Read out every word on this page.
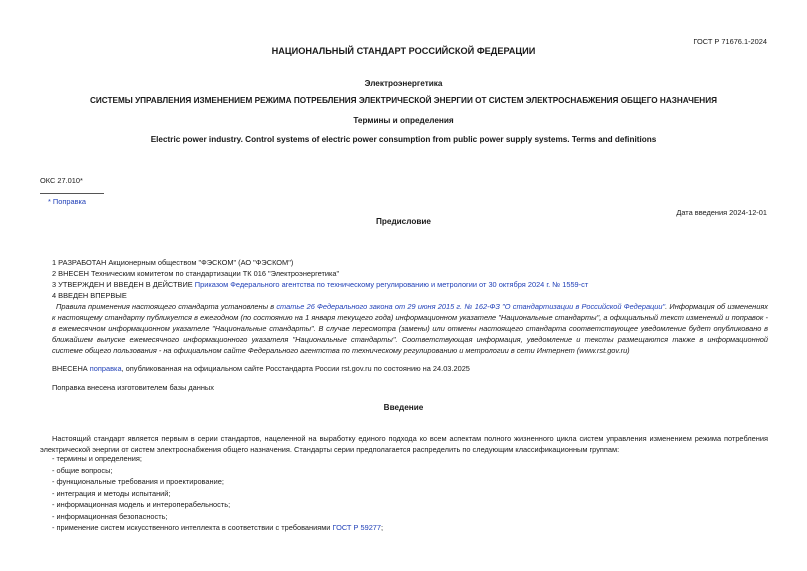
ГОСТ Р 71676.1-2024
НАЦИОНАЛЬНЫЙ СТАНДАРТ РОССИЙСКОЙ ФЕДЕРАЦИИ
Электроэнергетика
СИСТЕМЫ УПРАВЛЕНИЯ ИЗМЕНЕНИЕМ РЕЖИМА ПОТРЕБЛЕНИЯ ЭЛЕКТРИЧЕСКОЙ ЭНЕРГИИ ОТ СИСТЕМ ЭЛЕКТРОСНАБЖЕНИЯ ОБЩЕГО НАЗНАЧЕНИЯ
Термины и определения
Electric power industry. Control systems of electric power consumption from public power supply systems. Terms and definitions
ОКС 27.010*
* Поправка
Дата введения 2024-12-01
Предисловие
1 РАЗРАБОТАН Акционерным обществом "ФЭСКОМ" (АО "ФЭСКОМ")
2 ВНЕСЕН Техническим комитетом по стандартизации ТК 016 "Электроэнергетика"
3 УТВЕРЖДЕН И ВВЕДЕН В ДЕЙСТВИЕ Приказом Федерального агентства по техническому регулированию и метрологии от 30 октября 2024 г. № 1559-ст
4 ВВЕДЕН ВПЕРВЫЕ
Правила применения настоящего стандарта установлены в статье 26 Федерального закона от 29 июня 2015 г. № 162-ФЗ "О стандартизации в Российской Федерации". Информация об изменениях к настоящему стандарту публикуется в ежегодном (по состоянию на 1 января текущего года) информационном указателе "Национальные стандарты", а официальный текст изменений и поправок - в ежемесячном информационном указателе "Национальные стандарты". В случае пересмотра (замены) или отмены настоящего стандарта соответствующее уведомление будет опубликовано в ближайшем выпуске ежемесячного информационного указателя "Национальные стандарты". Соответствующая информация, уведомление и тексты размещаются также в информационной системе общего пользования - на официальном сайте Федерального агентства по техническому регулированию и метрологии в сети Интернет (www.rst.gov.ru)
ВНЕСЕНА поправка, опубликованная на официальном сайте Росстандарта России rst.gov.ru по состоянию на 24.03.2025
Поправка внесена изготовителем базы данных
Введение
Настоящий стандарт является первым в серии стандартов, нацеленной на выработку единого подхода ко всем аспектам полного жизненного цикла систем управления изменением режима потребления электрической энергии от систем электроснабжения общего назначения. Стандарты серии предполагается распределить по следующим классификационным группам:
- термины и определения;
- общие вопросы;
- функциональные требования и проектирование;
- интеграция и методы испытаний;
- информационная модель и интероперабельность;
- информационная безопасность;
- применение систем искусственного интеллекта в соответствии с требованиями ГОСТ Р 59277;
